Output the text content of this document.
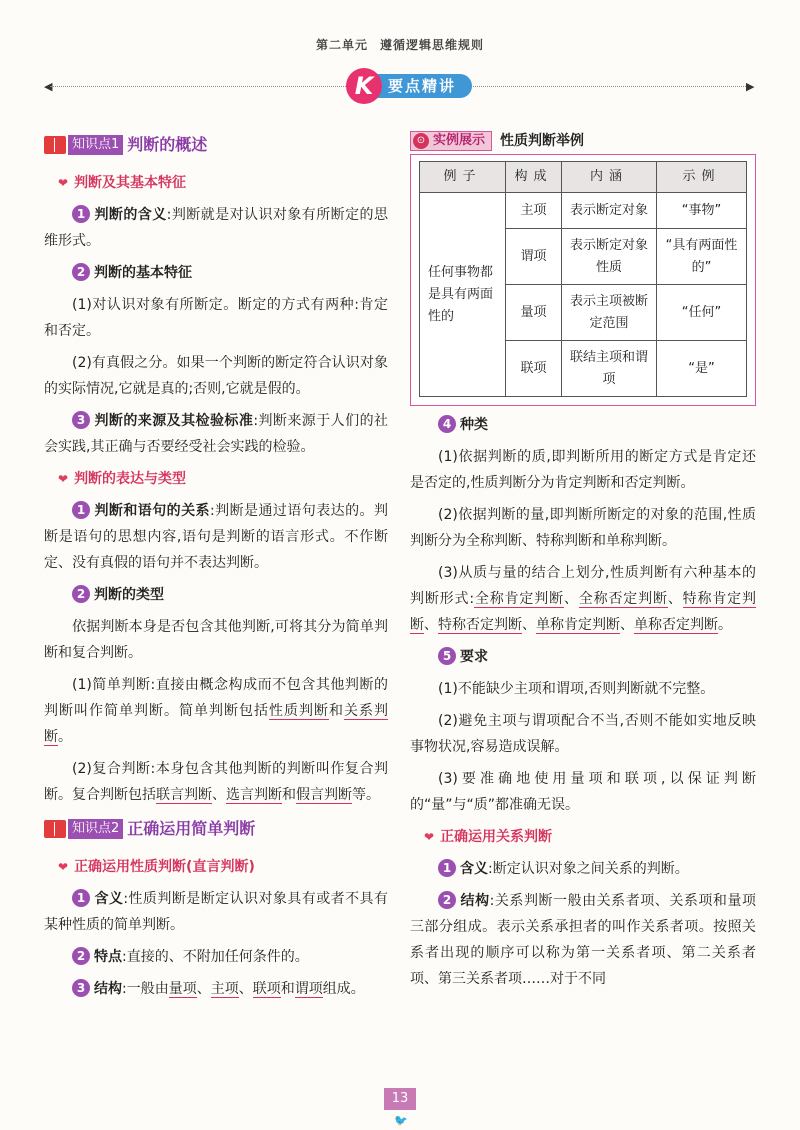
第二单元 遵循逻辑思维规则
◀	▶
要点精讲
K
知识点1 判断的概述
❤ 判断及其基本特征
1 判断的含义:判断就是对认识对象有所断定的思维形式。
2 判断的基本特征
(1)对认识对象有所断定。断定的方式有两种:肯定和否定。
(2)有真假之分。如果一个判断的断定符合认识对象的实际情况,它就是真的;否则,它就是假的。
3 判断的来源及其检验标准:判断来源于人们的社会实践,其正确与否要经受社会实践的检验。
❤ 判断的表达与类型
1 判断和语句的关系:判断是通过语句表达的。判断是语句的思想内容,语句是判断的语言形式。不作断定、没有真假的语句并不表达判断。
2 判断的类型
依据判断本身是否包含其他判断,可将其分为简单判断和复合判断。
(1)简单判断:直接由概念构成而不包含其他判断的判断叫作简单判断。简单判断包括性质判断和关系判断。
(2)复合判断:本身包含其他判断的判断叫作复合判断。复合判断包括联言判断、选言判断和假言判断等。
知识点2 正确运用简单判断
❤ 正确运用性质判断(直言判断)
1 含义:性质判断是断定认识对象具有或者不具有某种性质的简单判断。
2 特点:直接的、不附加任何条件的。
3 结构:一般由量项、主项、联项和谓项组成。
⊙ 实例展示 性质判断举例
例子	构成	内涵	示例
任何事物都是具有两面性的	主项	表示断定对象	“事物”
	谓项	表示断定对象性质	“具有两面性的”
	量项	表示主项被断定范围	“任何”
	联项	联结主项和谓项	“是”
4 种类
(1)依据判断的质,即判断所用的断定方式是肯定还是否定的,性质判断分为肯定判断和否定判断。
(2)依据判断的量,即判断所断定的对象的范围,性质判断分为全称判断、特称判断和单称判断。
(3)从质与量的结合上划分,性质判断有六种基本的判断形式:全称肯定判断、全称否定判断、特称肯定判断、特称否定判断、单称肯定判断、单称否定判断。
5 要求
(1)不能缺少主项和谓项,否则判断就不完整。
(2)避免主项与谓项配合不当,否则不能如实地反映事物状况,容易造成误解。
(3)要准确地使用量项和联项,以保证判断的“量”与“质”都准确无误。
❤ 正确运用关系判断
1 含义:断定认识对象之间关系的判断。
2 结构:关系判断一般由关系者项、关系项和量项三部分组成。表示关系承担者的叫作关系者项。按照关系者出现的顺序可以称为第一关系者项、第二关系者项、第三关系者项……对于不同
13
🐦
